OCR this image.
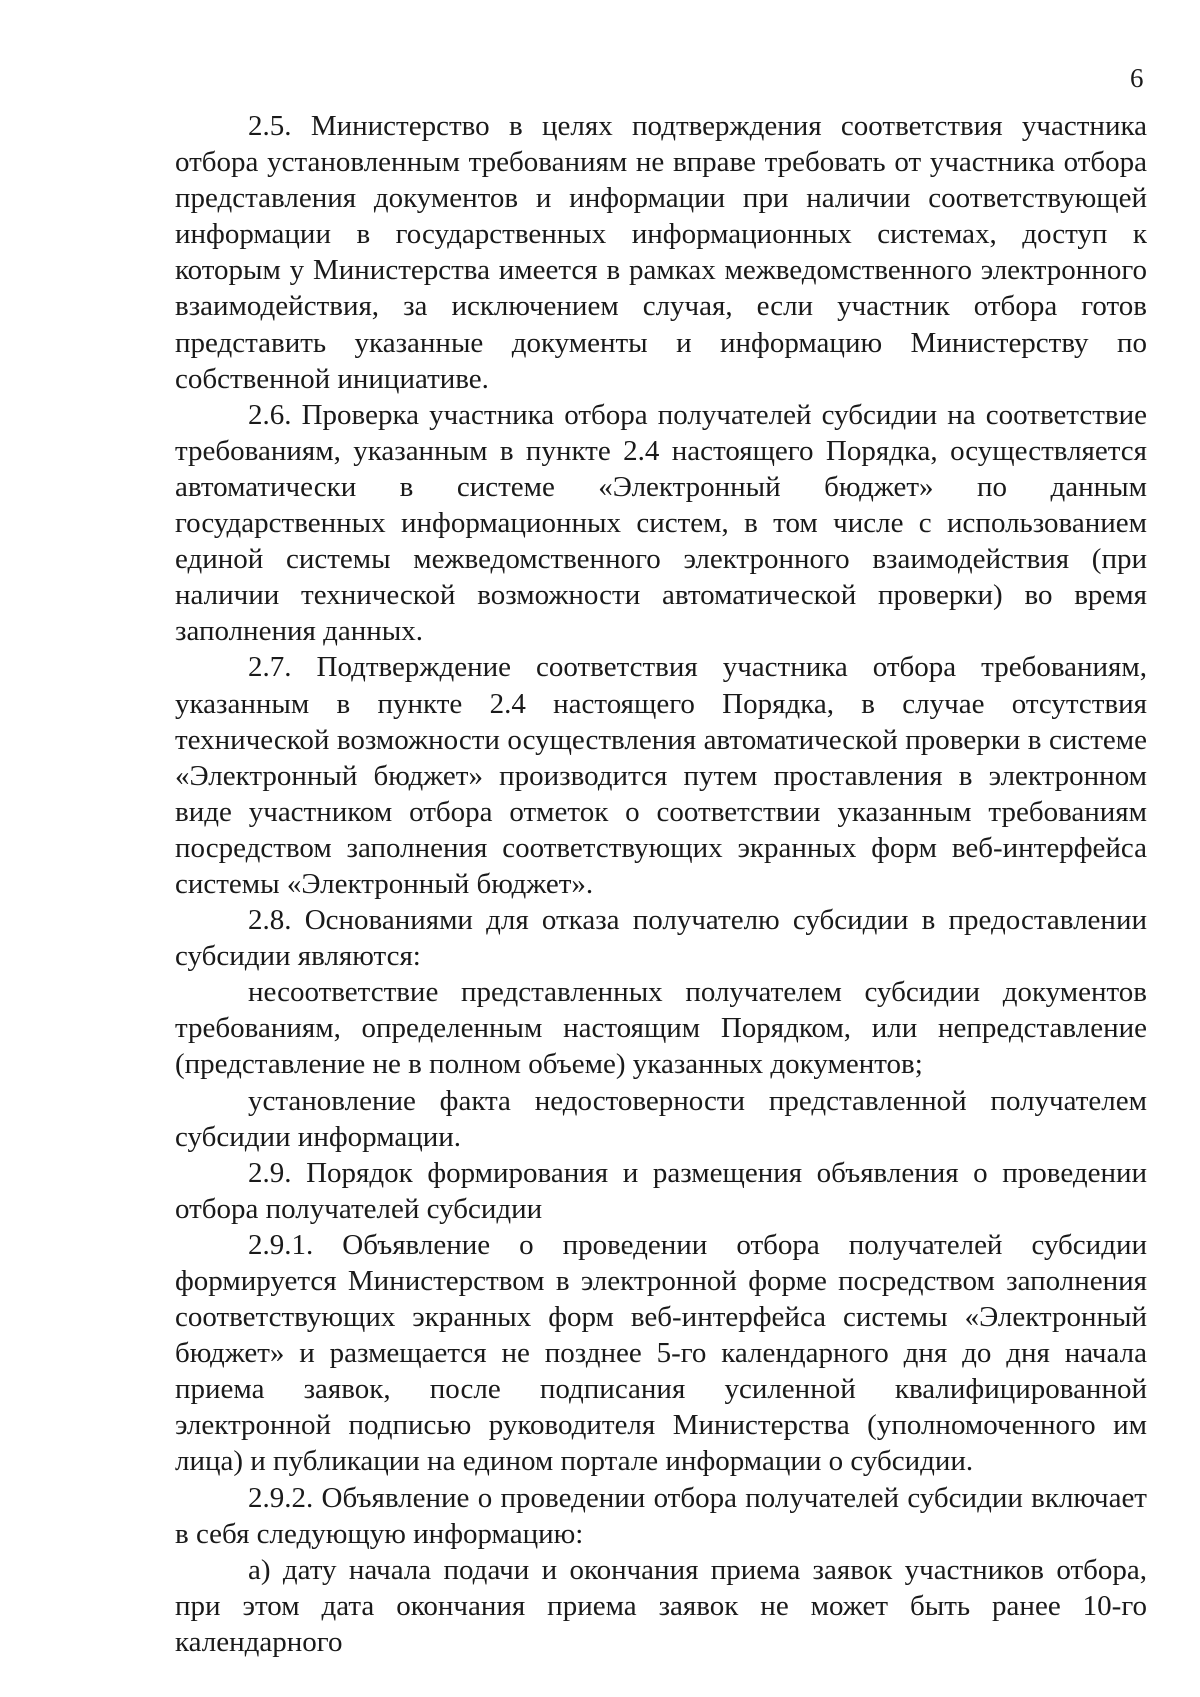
6

2.5. Министерство в целях подтверждения соответствия участника отбора установленным требованиям не вправе требовать от участника отбора представления документов и информации при наличии соответствующей информации в государственных информационных системах, доступ к которым у Министерства имеется в рамках межведомственного электронного взаимодействия, за исключением случая, если участник отбора готов представить указанные документы и информацию Министерству по собственной инициативе.

2.6. Проверка участника отбора получателей субсидии на соответствие требованиям, указанным в пункте 2.4 настоящего Порядка, осуществляется автоматически в системе «Электронный бюджет» по данным государственных информационных систем, в том числе с использованием единой системы межведомственного электронного взаимодействия (при наличии технической возможности автоматической проверки) во время заполнения данных.

2.7. Подтверждение соответствия участника отбора требованиям, указанным в пункте 2.4 настоящего Порядка, в случае отсутствия технической возможности осуществления автоматической проверки в системе «Электронный бюджет» производится путем проставления в электронном виде участником отбора отметок о соответствии указанным требованиям посредством заполнения соответствующих экранных форм веб-интерфейса системы «Электронный бюджет».

2.8. Основаниями для отказа получателю субсидии в предоставлении субсидии являются:

несоответствие представленных получателем субсидии документов требованиям, определенным настоящим Порядком, или непредставление (представление не в полном объеме) указанных документов;

установление факта недостоверности представленной получателем субсидии информации.

2.9. Порядок формирования и размещения объявления о проведении отбора получателей субсидии

2.9.1. Объявление о проведении отбора получателей субсидии формируется Министерством в электронной форме посредством заполнения соответствующих экранных форм веб-интерфейса системы «Электронный бюджет» и размещается не позднее 5-го календарного дня до дня начала приема заявок, после подписания усиленной квалифицированной электронной подписью руководителя Министерства (уполномоченного им лица) и публикации на едином портале информации о субсидии.

2.9.2. Объявление о проведении отбора получателей субсидии включает в себя следующую информацию:

а) дату начала подачи и окончания приема заявок участников отбора, при этом дата окончания приема заявок не может быть ранее 10-го календарного
